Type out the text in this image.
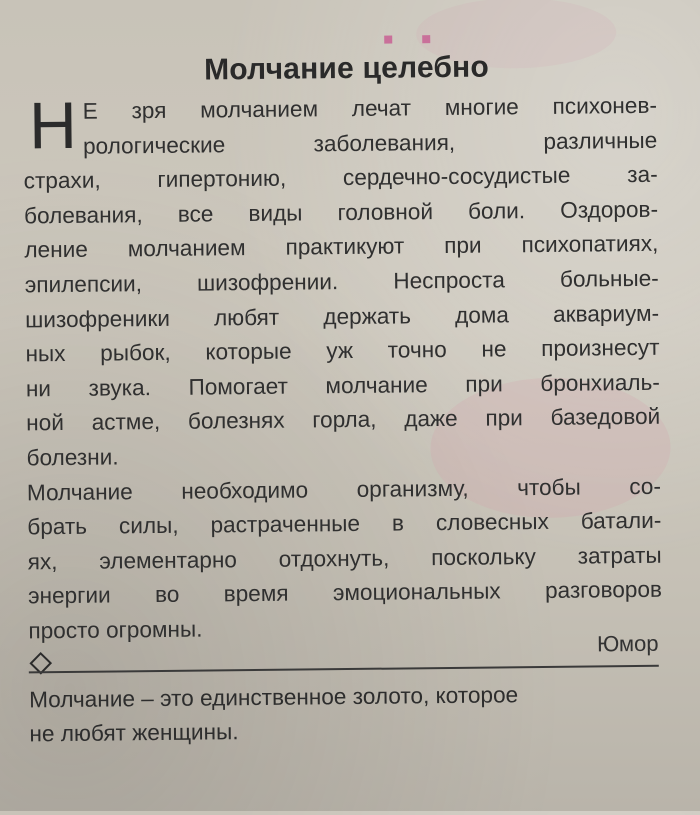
Молчание целебно
Н Е зря молчанием лечат многие психонев-
рологические заболевания, различные
страхи, гипертонию, сердечно-сосудистые за-
болевания, все виды головной боли. Оздоров-
ление молчанием практикуют при психопатиях,
эпилепсии, шизофрении. Неспроста больные-
шизофреники любят держать дома аквариум-
ных рыбок, которые уж точно не произнесут
ни звука. Помогает молчание при бронхиаль-
ной астме, болезнях горла, даже при базедовой
болезни.
Молчание необходимо организму, чтобы со-
брать силы, растраченные в словесных батали-
ях, элементарно отдохнуть, поскольку затраты
энергии во время эмоциональных разговоров
просто огромны.
Юмор
Молчание – это единственное золото, которое
не любят женщины.
